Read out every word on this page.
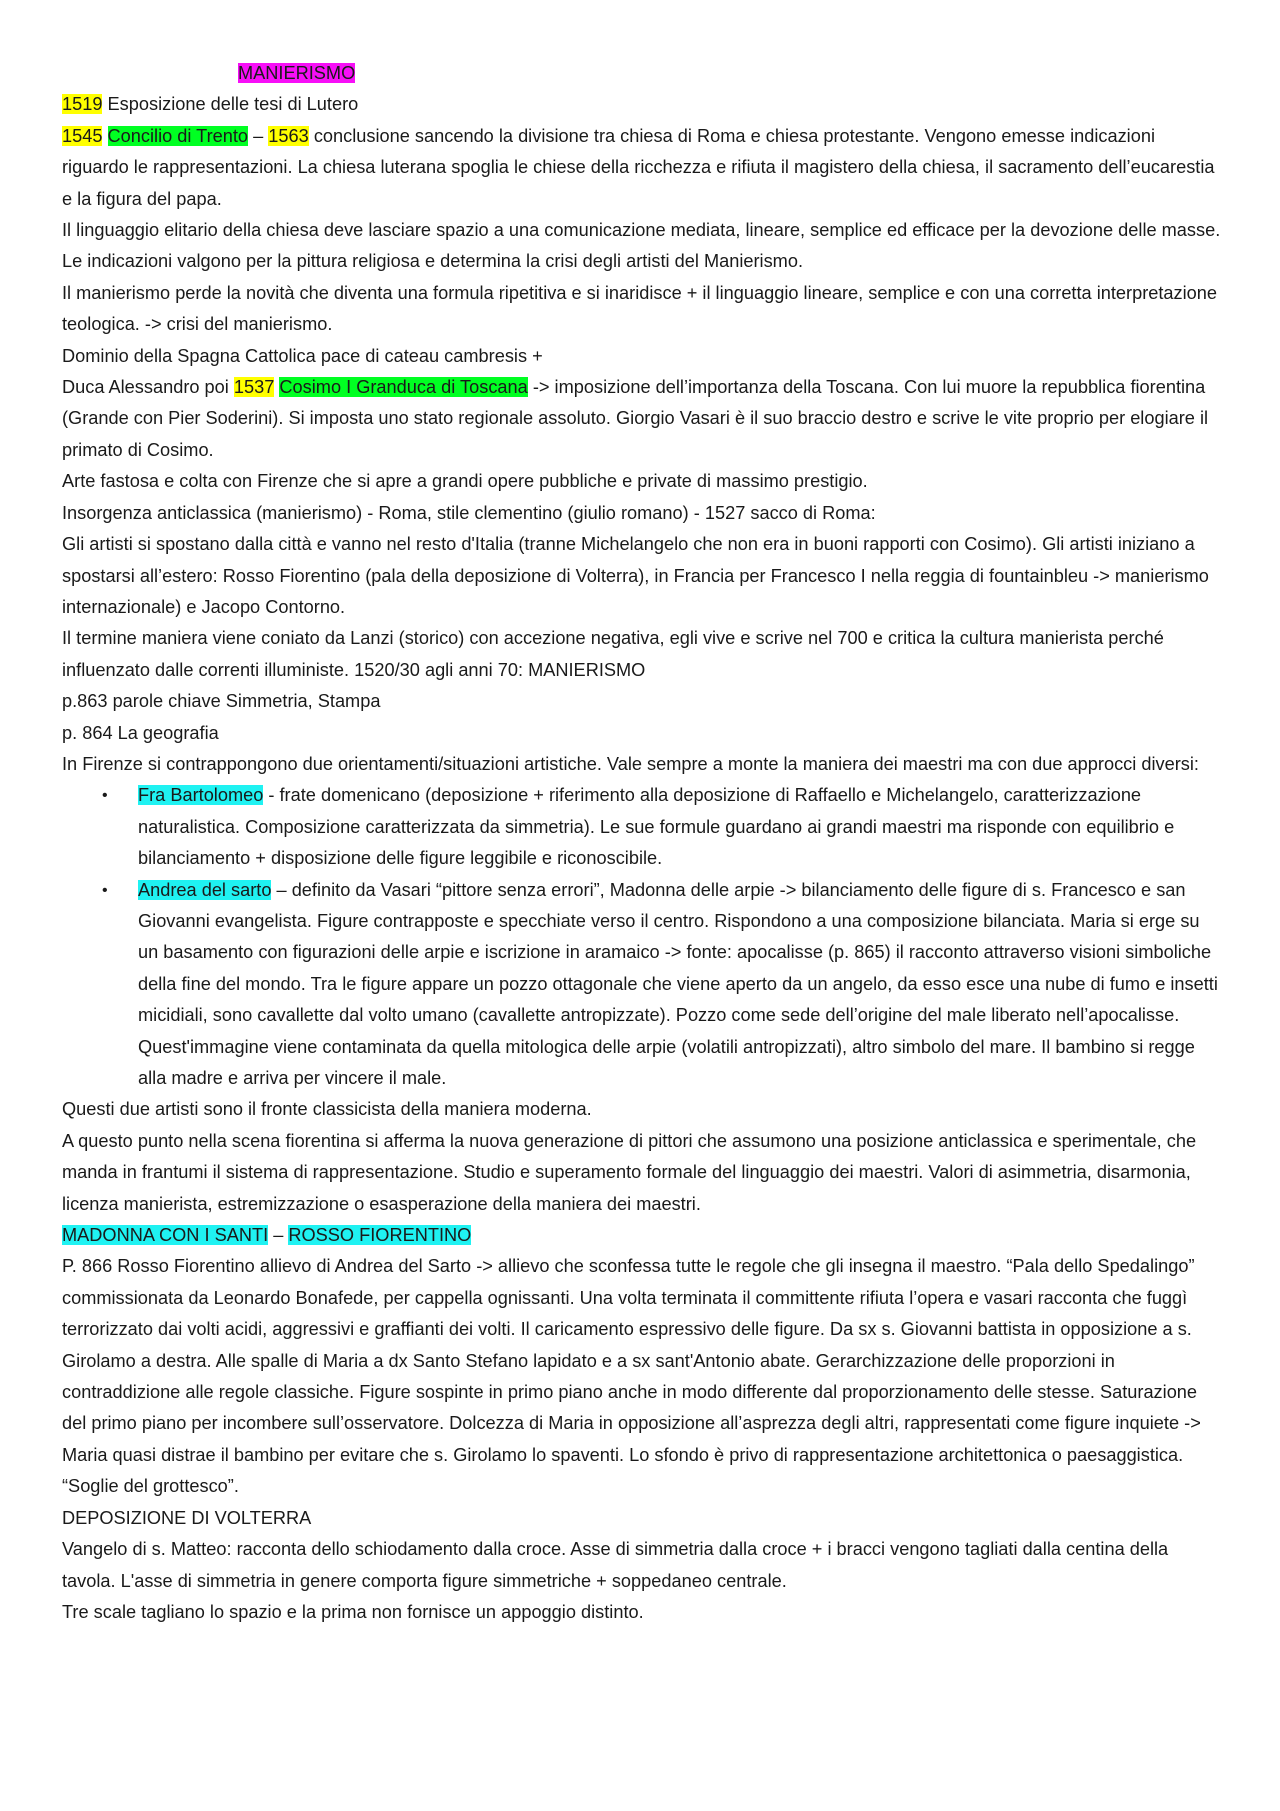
MANIERISMO
1519 Esposizione delle tesi di Lutero
1545 Concilio di Trento – 1563 conclusione sancendo la divisione tra chiesa di Roma e chiesa protestante. Vengono emesse indicazioni riguardo le rappresentazioni. La chiesa luterana spoglia le chiese della ricchezza e rifiuta il magistero della chiesa, il sacramento dell’eucarestia e la figura del papa.
Il linguaggio elitario della chiesa deve lasciare spazio a una comunicazione mediata, lineare, semplice ed efficace per la devozione delle masse. Le indicazioni valgono per la pittura religiosa e determina la crisi degli artisti del Manierismo.
Il manierismo perde la novità che diventa una formula ripetitiva e si inaridisce + il linguaggio lineare, semplice e con una corretta interpretazione teologica. -> crisi del manierismo.
Dominio della Spagna Cattolica pace di cateau cambresis +
Duca Alessandro poi 1537 Cosimo I Granduca di Toscana -> imposizione dell’importanza della Toscana. Con lui muore la repubblica fiorentina (Grande con Pier Soderini). Si imposta uno stato regionale assoluto. Giorgio Vasari è il suo braccio destro e scrive le vite proprio per elogiare il primato di Cosimo.
Arte fastosa e colta con Firenze che si apre a grandi opere pubbliche e private di massimo prestigio.
Insorgenza anticlassica (manierismo) - Roma, stile clementino (giulio romano) - 1527 sacco di Roma:
Gli artisti si spostano dalla città e vanno nel resto d'Italia (tranne Michelangelo che non era in buoni rapporti con Cosimo). Gli artisti iniziano a spostarsi all’estero: Rosso Fiorentino (pala della deposizione di Volterra), in Francia per Francesco I nella reggia di fountainbleu -> manierismo internazionale) e Jacopo Contorno.
Il termine maniera viene coniato da Lanzi (storico) con accezione negativa, egli vive e scrive nel 700 e critica la cultura manierista perché influenzato dalle correnti illuministe. 1520/30 agli anni 70: MANIERISMO
p.863 parole chiave Simmetria, Stampa
p. 864 La geografia
In Firenze si contrappongono due orientamenti/situazioni artistiche. Vale sempre a monte la maniera dei maestri ma con due approcci diversi:
• Fra Bartolomeo - frate domenicano (deposizione + riferimento alla deposizione di Raffaello e Michelangelo, caratterizzazione naturalistica. Composizione caratterizzata da simmetria). Le sue formule guardano ai grandi maestri ma risponde con equilibrio e bilanciamento + disposizione delle figure leggibile e riconoscibile.
• Andrea del sarto – definito da Vasari “pittore senza errori”, Madonna delle arpie -> bilanciamento delle figure di s. Francesco e san Giovanni evangelista. Figure contrapposte e specchiate verso il centro. Rispondono a una composizione bilanciata. Maria si erge su un basamento con figurazioni delle arpie e iscrizione in aramaico -> fonte: apocalisse (p. 865) il racconto attraverso visioni simboliche della fine del mondo. Tra le figure appare un pozzo ottagonale che viene aperto da un angelo, da esso esce una nube di fumo e insetti micidiali, sono cavallette dal volto umano (cavallette antropizzate). Pozzo come sede dell’origine del male liberato nell’apocalisse. Quest'immagine viene contaminata da quella mitologica delle arpie (volatili antropizzati), altro simbolo del mare. Il bambino si regge alla madre e arriva per vincere il male.
Questi due artisti sono il fronte classicista della maniera moderna.
A questo punto nella scena fiorentina si afferma la nuova generazione di pittori che assumono una posizione anticlassica e sperimentale, che manda in frantumi il sistema di rappresentazione. Studio e superamento formale del linguaggio dei maestri. Valori di asimmetria, disarmonia, licenza manierista, estremizzazione o esasperazione della maniera dei maestri.
MADONNA CON I SANTI – ROSSO FIORENTINO
P. 866 Rosso Fiorentino allievo di Andrea del Sarto -> allievo che sconfessa tutte le regole che gli insegna il maestro. “Pala dello Spedalingo” commissionata da Leonardo Bonafede, per cappella ognissanti. Una volta terminata il committente rifiuta l’opera e vasari racconta che fuggì terrorizzato dai volti acidi, aggressivi e graffianti dei volti. Il caricamento espressivo delle figure. Da sx s. Giovanni battista in opposizione a s. Girolamo a destra. Alle spalle di Maria a dx Santo Stefano lapidato e a sx sant'Antonio abate. Gerarchizzazione delle proporzioni in contraddizione alle regole classiche. Figure sospinte in primo piano anche in modo differente dal proporzionamento delle stesse. Saturazione del primo piano per incombere sull’osservatore. Dolcezza di Maria in opposizione all’asprezza degli altri, rappresentati come figure inquiete -> Maria quasi distrae il bambino per evitare che s. Girolamo lo spaventi. Lo sfondo è privo di rappresentazione architettonica o paesaggistica. “Soglie del grottesco”.
DEPOSIZIONE DI VOLTERRA
Vangelo di s. Matteo: racconta dello schiodamento dalla croce. Asse di simmetria dalla croce + i bracci vengono tagliati dalla centina della tavola. L'asse di simmetria in genere comporta figure simmetriche + soppedaneo centrale.
Tre scale tagliano lo spazio e la prima non fornisce un appoggio distinto.
